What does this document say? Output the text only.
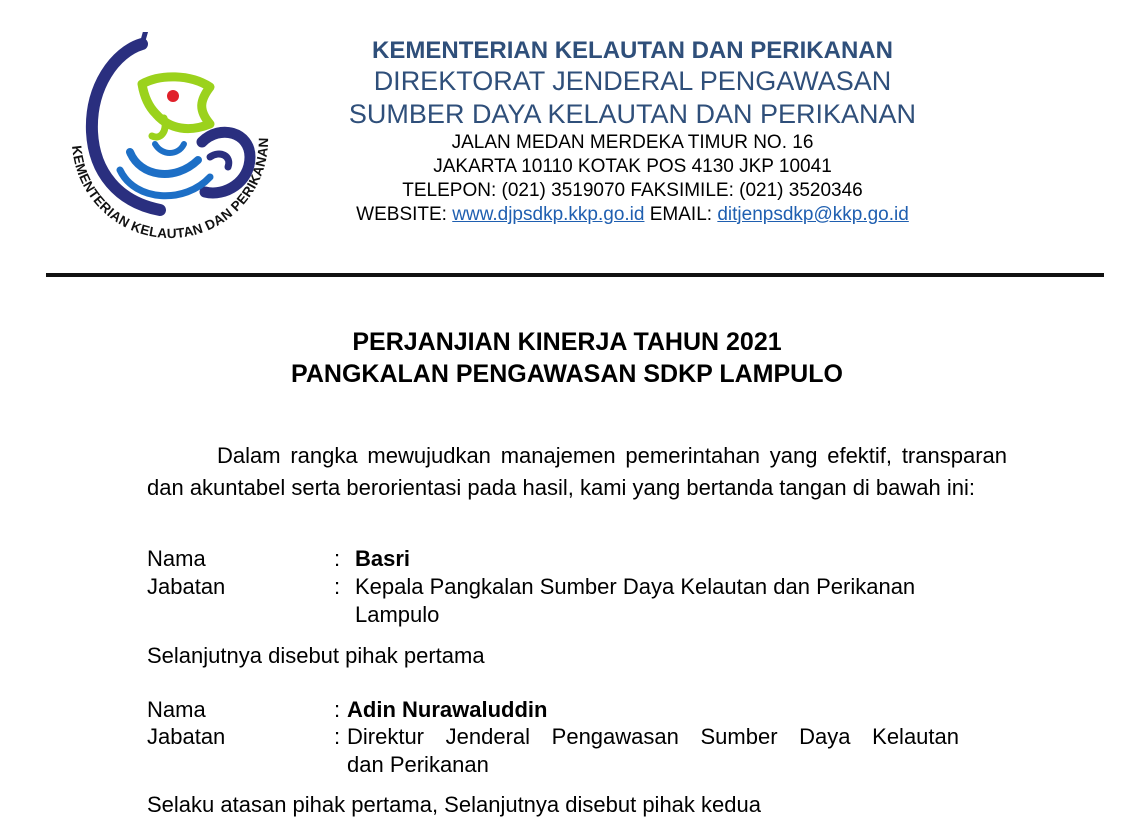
KEMENTERIAN KELAUTAN DAN PERIKANAN
KEMENTERIAN KELAUTAN DAN PERIKANAN
DIREKTORAT JENDERAL PENGAWASAN
SUMBER DAYA KELAUTAN DAN PERIKANAN
JALAN MEDAN MERDEKA TIMUR NO. 16
JAKARTA 10110 KOTAK POS 4130 JKP 10041
TELEPON: (021) 3519070 FAKSIMILE: (021) 3520346
WEBSITE: www.djpsdkp.kkp.go.id EMAIL: ditjenpsdkp@kkp.go.id
PERJANJIAN KINERJA TAHUN 2021
PANGKALAN PENGAWASAN SDKP LAMPULO
Dalam rangka mewujudkan manajemen pemerintahan yang efektif, transparan dan akuntabel serta berorientasi pada hasil, kami yang bertanda tangan di bawah ini:
Nama	: Basri
Jabatan	: Kepala Pangkalan Sumber Daya Kelautan dan Perikanan
Lampulo
Selanjutnya disebut pihak pertama
Nama	: Adin Nurawaluddin
Jabatan	: Direktur Jenderal Pengawasan Sumber Daya Kelautan
dan Perikanan
Selaku atasan pihak pertama, Selanjutnya disebut pihak kedua
